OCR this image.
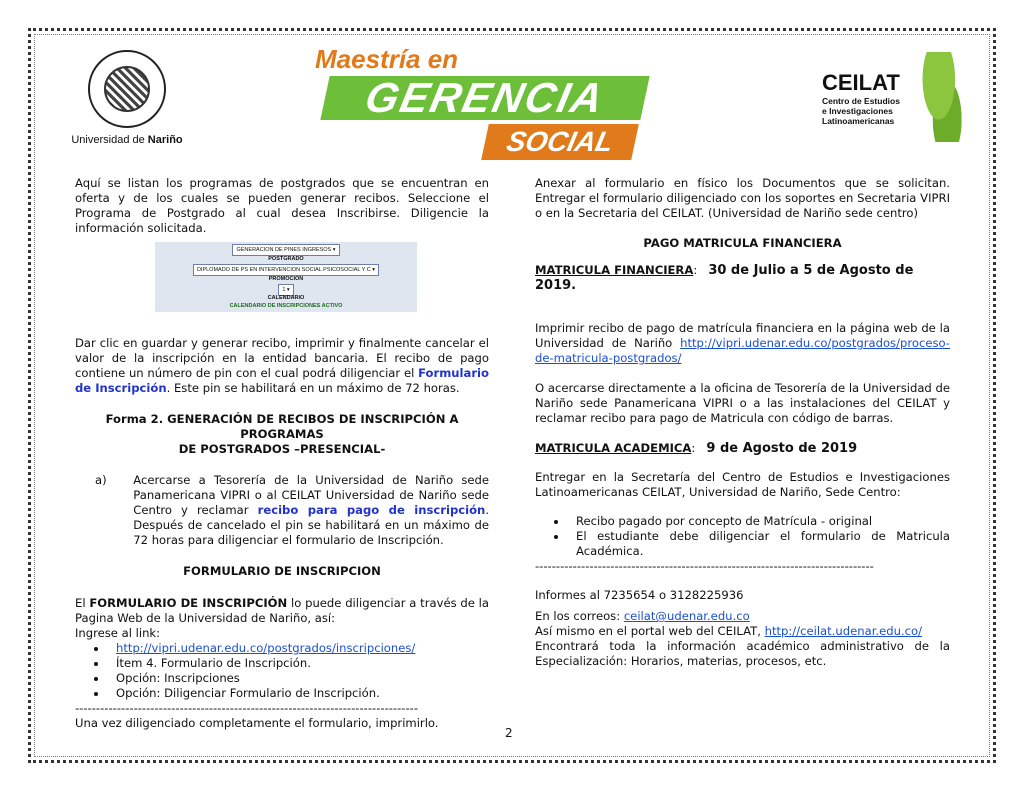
Universidad de Nariño
Maestría en
GERENCIA
SOCIAL
CEILAT
Centro de Estudios
e Investigaciones
Latinoamericanas

Aquí se listan los programas de postgrados que se encuentran en oferta y de los cuales se pueden generar recibos. Seleccione el Programa de Postgrado al cual desea Inscribirse. Diligencie la información solicitada.

GENERACION DE PINES INGRESOS ▾
POSTGRADO
DIPLOMADO DE PS EN INTERVENCION SOCIAL PSICOSOCIAL Y C ▾
PROMOCION
1 ▾
CALENDARIO
CALENDARIO DE INSCRIPCIONES ACTIVO

Dar clic en guardar y generar recibo, imprimir y finalmente cancelar el valor de la inscripción en la entidad bancaria. El recibo de pago contiene un número de pin con el cual podrá diligenciar el Formulario de Inscripción. Este pin se habilitará en un máximo de 72 horas.

Forma 2. GENERACIÓN DE RECIBOS DE INSCRIPCIÓN A PROGRAMAS

DE POSTGRADOS –PRESENCIAL-

a)	Acercarse a Tesorería de la Universidad de Nariño sede Panamericana VIPRI o al CEILAT Universidad de Nariño sede Centro y reclamar recibo para pago de inscripción. Después de cancelado el pin se habilitará en un máximo de 72 horas para diligenciar el formulario de Inscripción.

FORMULARIO DE INSCRIPCION

El FORMULARIO DE INSCRIPCIÓN lo puede diligenciar a través de la Pagina Web de la Universidad de Nariño, así:

Ingrese al link:

• http://vipri.udenar.edu.co/postgrados/inscripciones/
• Ítem 4. Formulario de Inscripción.
• Opción: Inscripciones
• Opción: Diligenciar Formulario de Inscripción.

----------------------------------------------------------------------------------

Una vez diligenciado completamente el formulario, imprimirlo.

Anexar al formulario en físico los Documentos que se solicitan. Entregar el formulario diligenciado con los soportes en Secretaria VIPRI o en la Secretaria del CEILAT. (Universidad de Nariño sede centro)

PAGO MATRICULA FINANCIERA

MATRICULA FINANCIERA: 30 de Julio a 5 de Agosto de 2019.

Imprimir recibo de pago de matrícula financiera en la página web de la Universidad de Nariño http://vipri.udenar.edu.co/postgrados/proceso-de-matricula-postgrados/

O acercarse directamente a la oficina de Tesorería de la Universidad de Nariño sede Panamericana VIPRI o a las instalaciones del CEILAT y reclamar recibo para pago de Matricula con código de barras.

MATRICULA ACADEMICA: 9 de Agosto de 2019

Entregar en la Secretaría del Centro de Estudios e Investigaciones Latinoamericanas CEILAT, Universidad de Nariño, Sede Centro:

• Recibo pagado por concepto de Matrícula - original
• El estudiante debe diligenciar el formulario de Matricula Académica.

---------------------------------------------------------------------------------

Informes al 7235654 o 3128225936

En los correos: ceilat@udenar.edu.co

Así mismo en el portal web del CEILAT, http://ceilat.udenar.edu.co/

Encontrará toda la información académico administrativo de la Especialización: Horarios, materias, procesos, etc.

2
